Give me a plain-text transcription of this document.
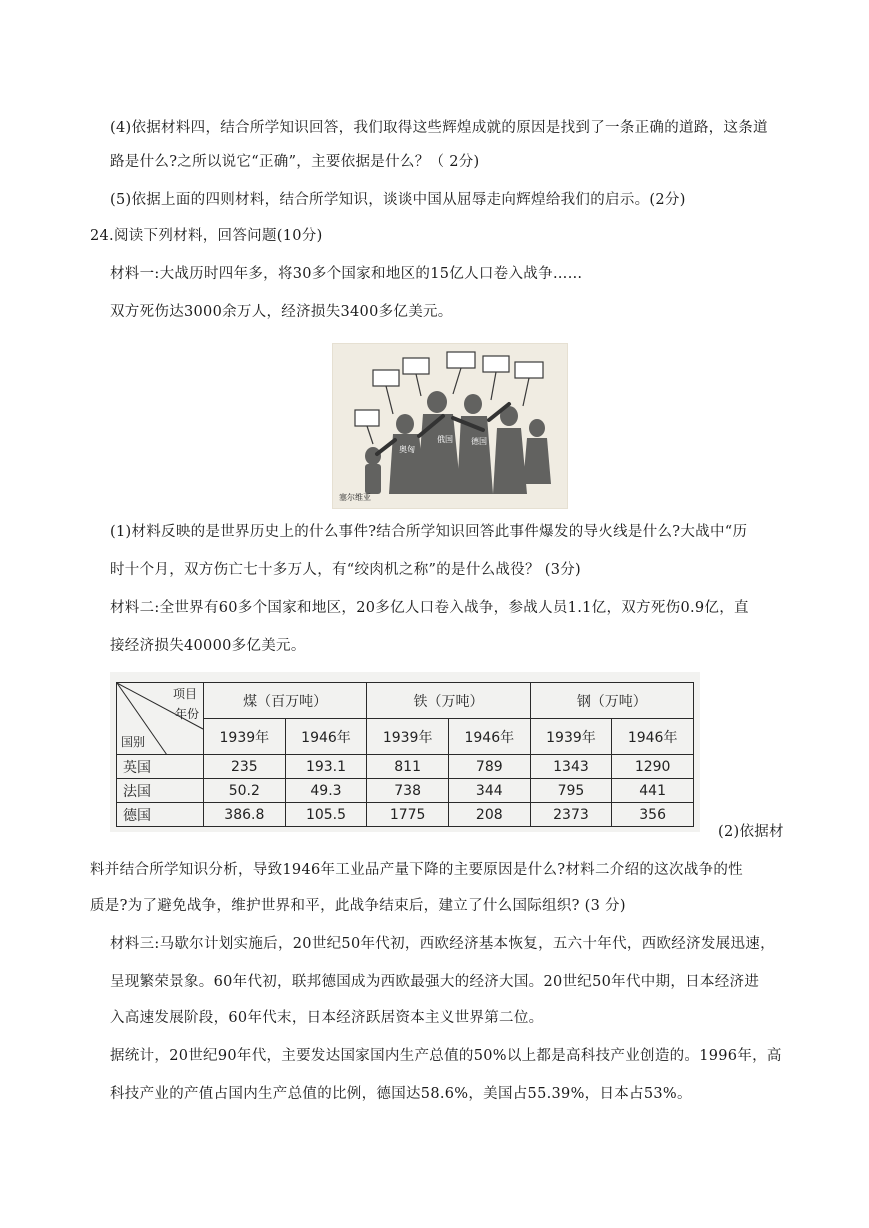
(4)依据材料四，结合所学知识回答，我们取得这些辉煌成就的原因是找到了一条正确的道路，这条道
路是什么?之所以说它“正确”，主要依据是什么？（ 2分)
(5)依据上面的四则材料，结合所学知识，谈谈中国从屈辱走向辉煌给我们的启示。(2分)
24.阅读下列材料，回答问题(10分)
材料一:大战历时四年多，将30多个国家和地区的15亿人口卷入战争……
双方死伤达3000余万人，经济损失3400多亿美元。
塞尔维亚
奥匈
俄国 德国
(1)材料反映的是世界历史上的什么事件?结合所学知识回答此事件爆发的导火线是什么?大战中“历
时十个月，双方伤亡七十多万人，有“绞肉机之称”的是什么战役？ (3分)
材料二:全世界有60多个国家和地区，20多亿人口卷入战争，参战人员1.1亿，双方死伤0.9亿，直
接经济损失40000多亿美元。
项目
年份
国别	煤（百万吨）		铁（万吨）		钢（万吨）	
	1939年	1946年	1939年	1946年	1939年	1946年
英国	235	193.1	811	789	1343	1290
法国	50.2	49.3	738	344	795	441
德国	386.8	105.5	1775	208	2373	356
(2)依据材
料并结合所学知识分析，导致1946年工业品产量下降的主要原因是什么?材料二介绍的这次战争的性
质是?为了避免战争，维护世界和平，此战争结束后，建立了什么国际组织? (3 分)
材料三:马歇尔计划实施后，20世纪50年代初，西欧经济基本恢复，五六十年代，西欧经济发展迅速，
呈现繁荣景象。60年代初，联邦德国成为西欧最强大的经济大国。20世纪50年代中期，日本经济进
入高速发展阶段，60年代末，日本经济跃居资本主义世界第二位。
据统计，20世纪90年代，主要发达国家国内生产总值的50%以上都是高科技产业创造的。1996年，高
科技产业的产值占国内生产总值的比例，德国达58.6%，美国占55.39%，日本占53%。
